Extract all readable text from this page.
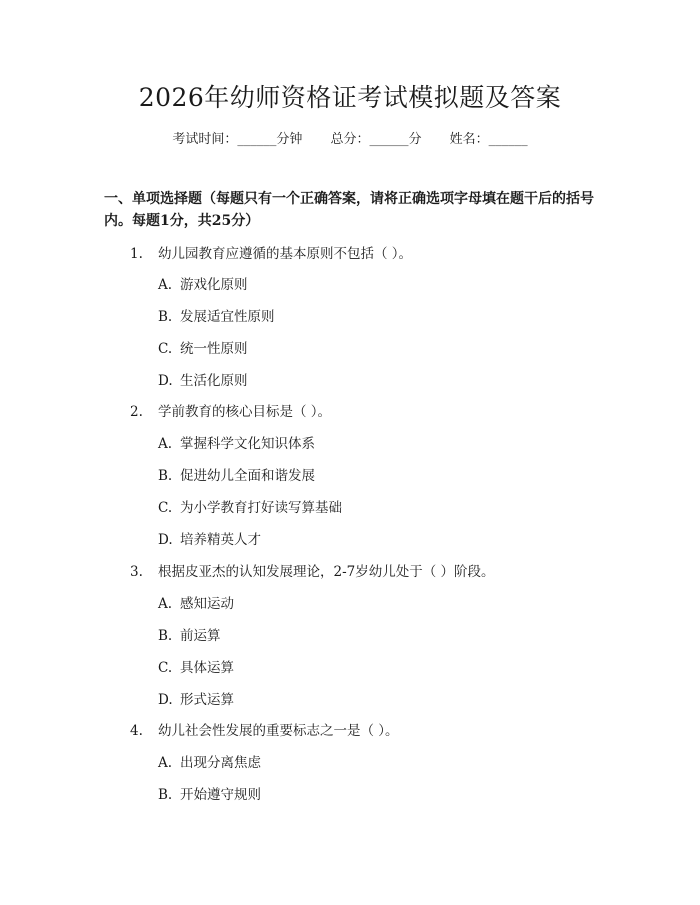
2026年幼师资格证考试模拟题及答案
考试时间：______分钟 总分：______分 姓名：______
一、单项选择题（每题只有一个正确答案，请将正确选项字母填在题干后的括号内。每题1分，共25分）
1. 幼儿园教育应遵循的基本原则不包括（ ）。
A. 游戏化原则
B. 发展适宜性原则
C. 统一性原则
D. 生活化原则
2. 学前教育的核心目标是（ ）。
A. 掌握科学文化知识体系
B. 促进幼儿全面和谐发展
C. 为小学教育打好读写算基础
D. 培养精英人才
3. 根据皮亚杰的认知发展理论，2-7岁幼儿处于（ ）阶段。
A. 感知运动
B. 前运算
C. 具体运算
D. 形式运算
4. 幼儿社会性发展的重要标志之一是（ ）。
A. 出现分离焦虑
B. 开始遵守规则
